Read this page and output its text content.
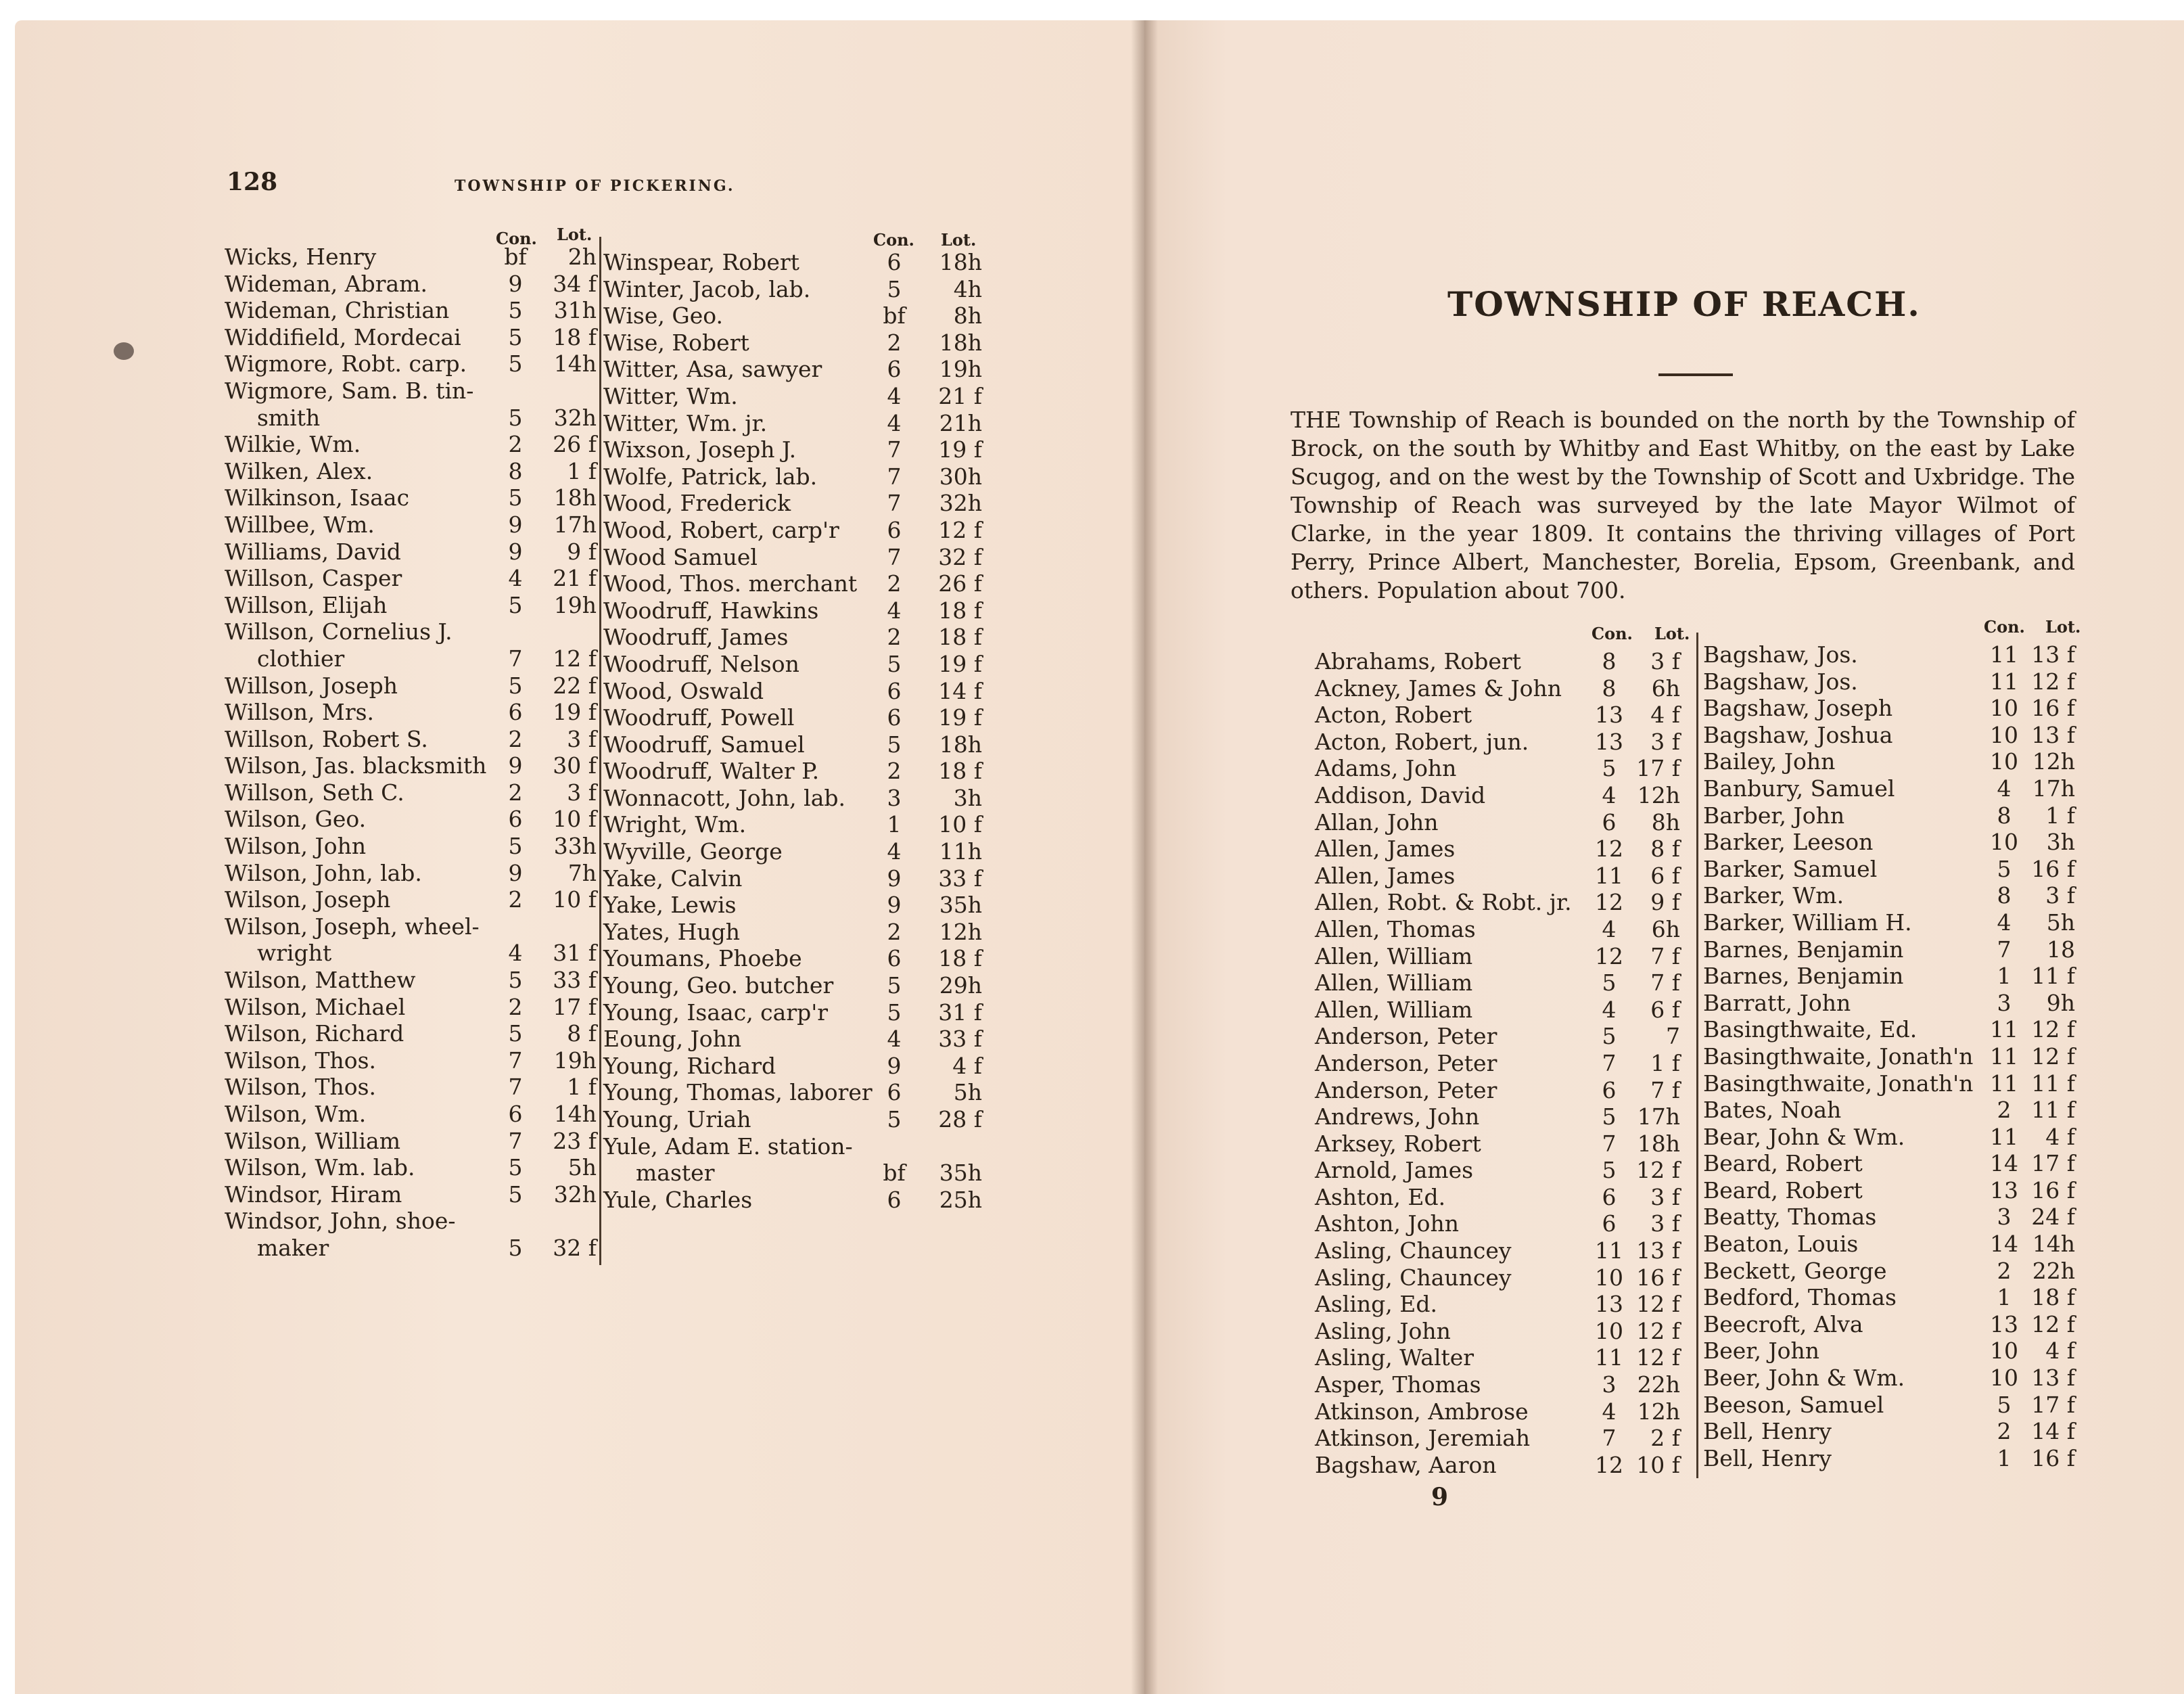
128	TOWNSHIP OF PICKERING.
Con. Lot.	Con. Lot.
Wicks, Henry	bf	2h
Wideman, Abram.	9	34 f
Wideman, Christian	5	31h
Widdifield, Mordecai	5	18 f
Wigmore, Robt. carp.	5	14h
Wigmore, Sam. B. tin-
smith	5	32h
Wilkie, Wm.	2	26 f
Wilken, Alex.	8	1 f
Wilkinson, Isaac	5	18h
Willbee, Wm.	9	17h
Williams, David	9	9 f
Willson, Casper	4	21 f
Willson, Elijah	5	19h
Willson, Cornelius J.
clothier	7	12 f
Willson, Joseph	5	22 f
Willson, Mrs.	6	19 f
Willson, Robert S.	2	3 f
Wilson, Jas. blacksmith 9	30 f
Willson, Seth C.	2	3 f
Wilson, Geo.	6	10 f
Wilson, John	5	33h
Wilson, John, lab.	9	7h
Wilson, Joseph	2	10 f
Wilson, Joseph, wheel-
wright	4	31 f
Wilson, Matthew	5	33 f
Wilson, Michael	2	17 f
Wilson, Richard	5	8 f
Wilson, Thos.	7	19h
Wilson, Thos.	7	1 f
Wilson, Wm.	6	14h
Wilson, William	7	23 f
Wilson, Wm. lab.	5	5h
Windsor, Hiram	5	32h
Windsor, John, shoe-
maker	5	32 f
Winspear, Robert	6	18h
Winter, Jacob, lab.	5	4h
Wise, Geo.	bf	8h
Wise, Robert	2	18h
Witter, Asa, sawyer	6	19h
Witter, Wm.	4	21 f
Witter, Wm. jr.	4	21h
Wixson, Joseph J.	7	19 f
Wolfe, Patrick, lab.	7	30h
Wood, Frederick	7	32h
Wood, Robert, carp'r	6	12 f
Wood Samuel	7	32 f
Wood, Thos. merchant	2	26 f
Woodruff, Hawkins	4	18 f
Woodruff, James	2	18 f
Woodruff, Nelson	5	19 f
Wood, Oswald	6	14 f
Woodruff, Powell	6	19 f
Woodruff, Samuel	5	18h
Woodruff, Walter P.	2	18 f
Wonnacott, John, lab.	3	3h
Wright, Wm.	1	10 f
Wyville, George	4	11h
Yake, Calvin	9	33 f
Yake, Lewis	9	35h
Yates, Hugh	2	12h
Youmans, Phoebe	6	18 f
Young, Geo. butcher	5	29h
Young, Isaac, carp'r	5	31 f
Eoung, John	4	33 f
Young, Richard	9	4 f
Young, Thomas, laborer 6	5h
Young, Uriah	5	28 f
Yule, Adam E. station-
master	bf	35h
Yule, Charles	6	25h
TOWNSHIP OF REACH.
THE Township of Reach is bounded on the north by the Township of Brock, on the south by Whitby and East Whitby, on the east by Lake Scugog, and on the west by the Township of Scott and Uxbridge. The Township of Reach was surveyed by the late Mayor Wilmot of Clarke, in the year 1809. It contains the thriving villages of Port Perry, Prince Albert, Manchester, Borelia, Epsom, Greenbank, and others. Population about 700.
Con. Lot.	Con. Lot.
Abrahams, Robert	8	3 f
Ackney, James & John	8	6h
Acton, Robert	13	4 f
Acton, Robert, jun.	13	3 f
Adams, John	5 17 f
Addison, David	4 12h
Allan, John	6	8h
Allen, James	12	8 f
Allen, James	11	6 f
Allen, Robt. & Robt. jr. 12	9 f
Allen, Thomas	4	6h
Allen, William	12	7 f
Allen, William	5	7 f
Allen, William	4	6 f
Anderson, Peter	5	7
Anderson, Peter	7	1 f
Anderson, Peter	6	7 f
Andrews, John	5 17h
Arksey, Robert	7 18h
Arnold, James	5 12 f
Ashton, Ed.	6	3 f
Ashton, John	6	3 f
Asling, Chauncey	11 13 f
Asling, Chauncey	10 16 f
Asling, Ed.	13 12 f
Asling, John	10 12 f
Asling, Walter	11 12 f
Asper, Thomas	3 22h
Atkinson, Ambrose	4 12h
Atkinson, Jeremiah	7	2 f
Bagshaw, Aaron	12 10 f
Bagshaw, Jos.	11 13 f
Bagshaw, Jos.	11 12 f
Bagshaw, Joseph	10 16 f
Bagshaw, Joshua	10 13 f
Bailey, John	10 12h
Banbury, Samuel	4 17h
Barber, John	8	1 f
Barker, Leeson	10	3h
Barker, Samuel	5 16 f
Barker, Wm.	8	3 f
Barker, William H.	4	5h
Barnes, Benjamin	7	18
Barnes, Benjamin	1 11 f
Barratt, John	3	9h
Basingthwaite, Ed.	11 12 f
Basingthwaite, Jonath'n 11 12 f
Basingthwaite, Jonath'n 11 11 f
Bates, Noah	2 11 f
Bear, John & Wm.	11	4 f
Beard, Robert	14 17 f
Beard, Robert	13 16 f
Beatty, Thomas	3 24 f
Beaton, Louis	14 14h
Beckett, George	2 22h
Bedford, Thomas	1 18 f
Beecroft, Alva	13 12 f
Beer, John	10	4 f
Beer, John & Wm.	10 13 f
Beeson, Samuel	5 17 f
Bell, Henry	2 14 f
Bell, Henry	1 16 f
9
